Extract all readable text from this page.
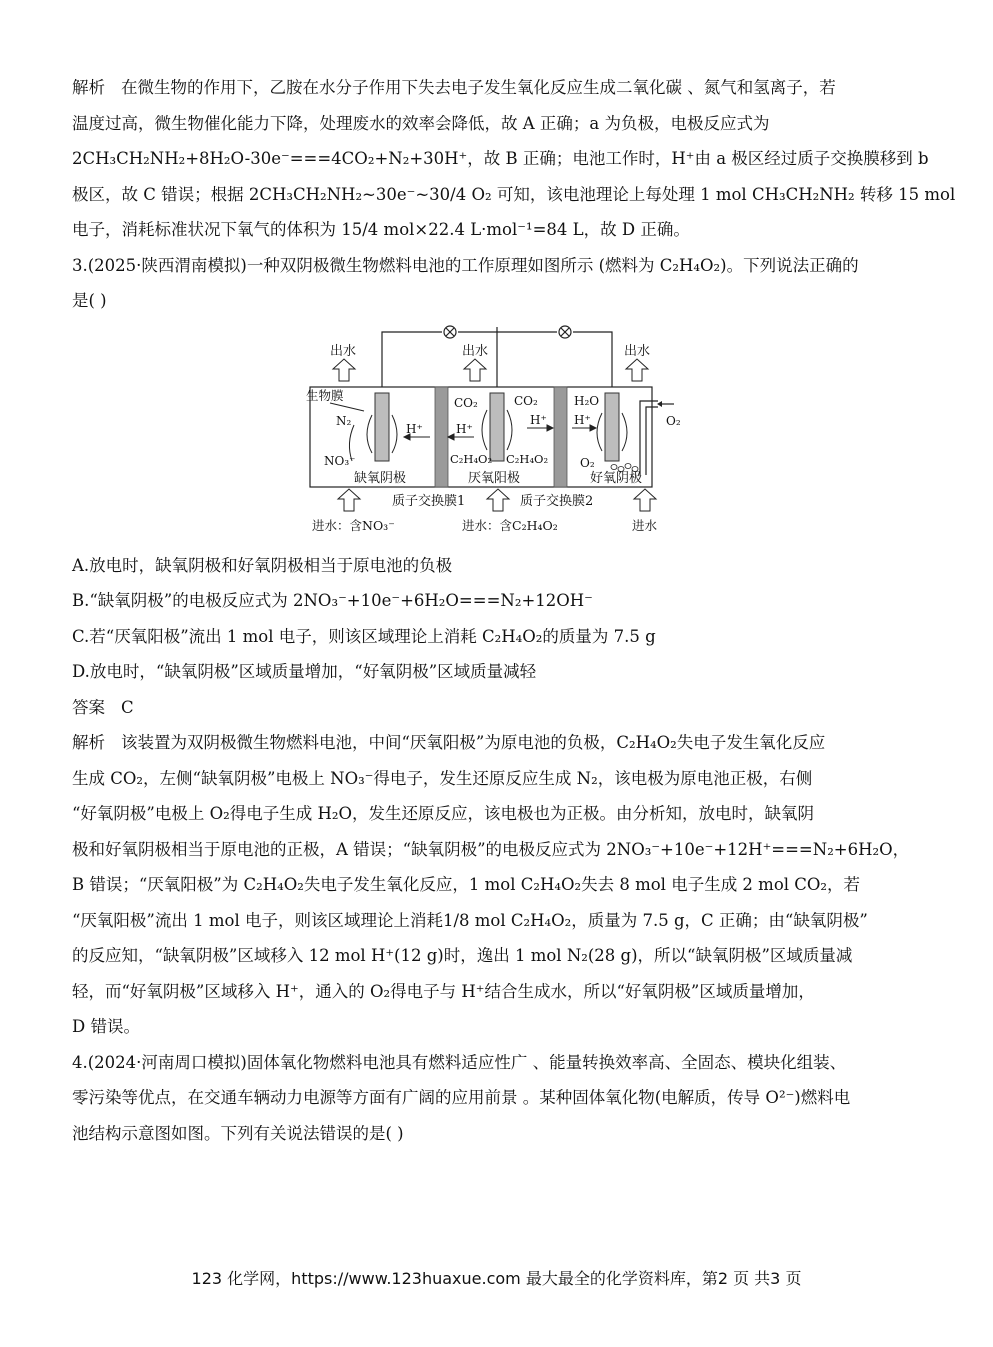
解析 在微生物的作用下，乙胺在水分子作用下失去电子发生氧化反应生成二氧化碳 、氮气和氢离子，若
温度过高，微生物催化能力下降，处理废水的效率会降低，故 A 正确；a 为负极，电极反应式为
2CH₃CH₂NH₂+8H₂O-30e⁻===4CO₂+N₂+30H⁺，故 B 正确；电池工作时，H⁺由 a 极区经过质子交换膜移到 b
极区，故 C 错误；根据 2CH₃CH₂NH₂~30e⁻~30/4 O₂ 可知，该电池理论上每处理 1 mol CH₃CH₂NH₂ 转移 15 mol
电子，消耗标准状况下氧气的体积为 15/4 mol×22.4 L·mol⁻¹=84 L，故 D 正确。
3.(2025·陕西渭南模拟)一种双阴极微生物燃料电池的工作原理如图所示 (燃料为 C₂H₄O₂)。下列说法正确的
是( )
出水	出水	出水
生物膜
N₂
NO₃⁻
H⁺	H⁺
H⁺ H⁺
CO₂	CO₂
C₂H₄O₂ C₂H₄O₂
H₂O
O₂
O₂
缺氧阴极	厌氧阳极	好氧阴极
质子交换膜1	质子交换膜2
进水：含NO₃⁻	进水：含C₂H₄O₂	进水
A.放电时，缺氧阴极和好氧阴极相当于原电池的负极
B.“缺氧阴极”的电极反应式为 2NO₃⁻+10e⁻+6H₂O===N₂+12OH⁻
C.若“厌氧阳极”流出 1 mol 电子，则该区域理论上消耗 C₂H₄O₂的质量为 7.5 g
D.放电时，“缺氧阴极”区域质量增加，“好氧阴极”区域质量减轻
答案 C
解析 该装置为双阴极微生物燃料电池，中间“厌氧阳极”为原电池的负极，C₂H₄O₂失电子发生氧化反应
生成 CO₂，左侧“缺氧阴极”电极上 NO₃⁻得电子，发生还原反应生成 N₂，该电极为原电池正极，右侧
“好氧阴极”电极上 O₂得电子生成 H₂O，发生还原反应，该电极也为正极。由分析知，放电时，缺氧阴
极和好氧阴极相当于原电池的正极，A 错误；“缺氧阴极”的电极反应式为 2NO₃⁻+10e⁻+12H⁺===N₂+6H₂O，
B 错误；“厌氧阳极”为 C₂H₄O₂失电子发生氧化反应，1 mol C₂H₄O₂失去 8 mol 电子生成 2 mol CO₂，若
“厌氧阳极”流出 1 mol 电子，则该区域理论上消耗1/8 mol C₂H₄O₂，质量为 7.5 g，C 正确；由“缺氧阴极”
的反应知，“缺氧阴极”区域移入 12 mol H⁺(12 g)时，逸出 1 mol N₂(28 g)，所以“缺氧阴极”区域质量减
轻，而“好氧阴极”区域移入 H⁺，通入的 O₂得电子与 H⁺结合生成水，所以“好氧阴极”区域质量增加，
D 错误。
4.(2024·河南周口模拟)固体氧化物燃料电池具有燃料适应性广 、能量转换效率高、全固态、模块化组装、
零污染等优点，在交通车辆动力电源等方面有广阔的应用前景 。某种固体氧化物(电解质，传导 O²⁻)燃料电
池结构示意图如图。下列有关说法错误的是( )
123 化学网，https://www.123huaxue.com 最大最全的化学资料库，第2 页 共3 页
